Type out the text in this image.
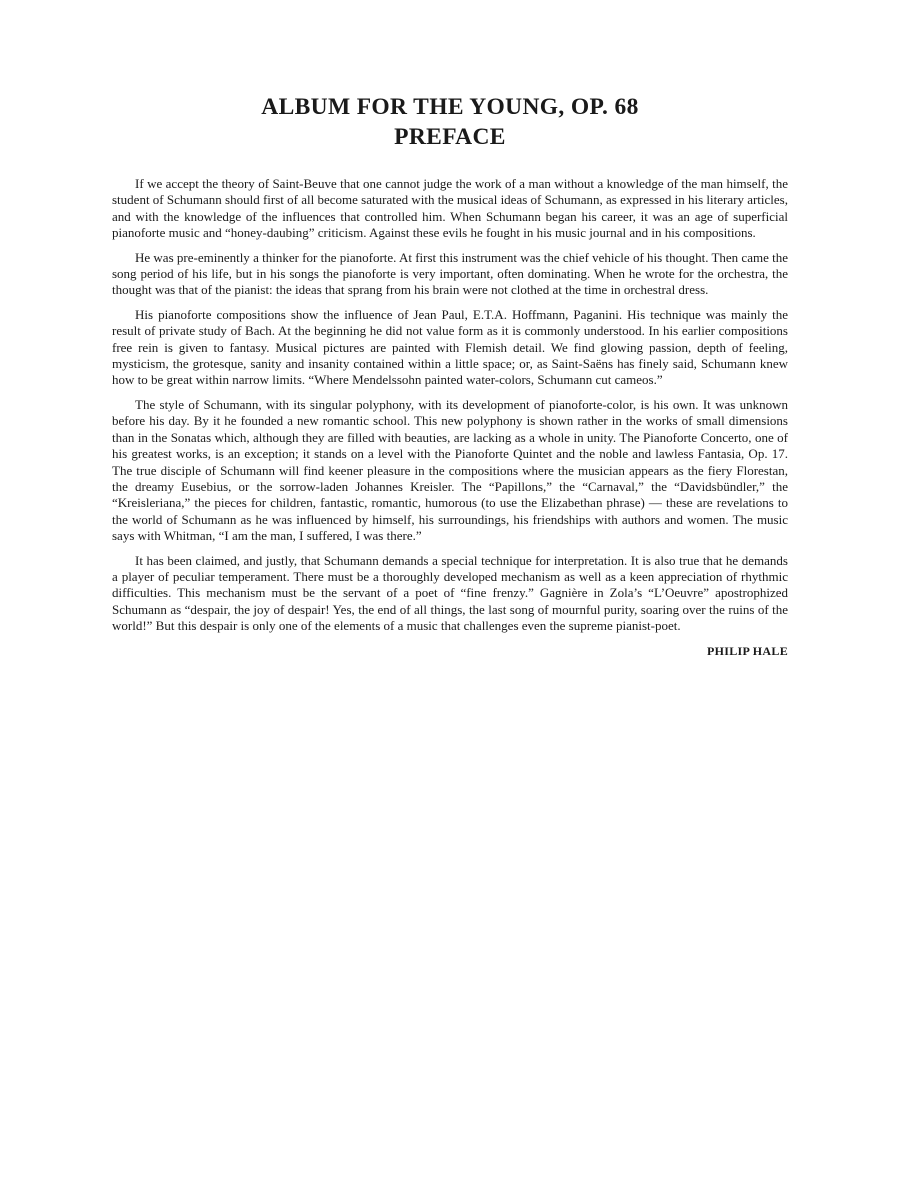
ALBUM FOR THE YOUNG, OP. 68
PREFACE

If we accept the theory of Saint-Beuve that one cannot judge the work of a man without a knowledge of the man himself, the student of Schumann should first of all become saturated with the musical ideas of Schumann, as expressed in his literary articles, and with the knowledge of the influences that controlled him. When Schumann began his career, it was an age of superficial pianoforte music and “honey-daubing” criticism. Against these evils he fought in his music journal and in his compositions.

He was pre-eminently a thinker for the pianoforte. At first this instrument was the chief vehicle of his thought. Then came the song period of his life, but in his songs the pianoforte is very important, often dominating. When he wrote for the orchestra, the thought was that of the pianist: the ideas that sprang from his brain were not clothed at the time in orchestral dress.

His pianoforte compositions show the influence of Jean Paul, E.T.A. Hoffmann, Paganini. His technique was mainly the result of private study of Bach. At the beginning he did not value form as it is commonly understood. In his earlier compositions free rein is given to fantasy. Musical pictures are painted with Flemish detail. We find glowing passion, depth of feeling, mysticism, the grotesque, sanity and insanity contained within a little space; or, as Saint-Saëns has finely said, Schumann knew how to be great within narrow limits. “Where Mendelssohn painted water-colors, Schumann cut cameos.”

The style of Schumann, with its singular polyphony, with its development of pianoforte-color, is his own. It was unknown before his day. By it he founded a new romantic school. This new polyphony is shown rather in the works of small dimensions than in the Sonatas which, although they are filled with beauties, are lacking as a whole in unity. The Pianoforte Concerto, one of his greatest works, is an exception; it stands on a level with the Pianoforte Quintet and the noble and lawless Fantasia, Op. 17. The true disciple of Schumann will find keener pleasure in the compositions where the musician appears as the fiery Florestan, the dreamy Eusebius, or the sorrow-laden Johannes Kreisler. The “Papillons,” the “Carnaval,” the “Davidsbündler,” the “Kreisleriana,” the pieces for children, fantastic, romantic, humorous (to use the Elizabethan phrase) — these are revelations to the world of Schumann as he was influenced by himself, his surroundings, his friendships with authors and women. The music says with Whitman, “I am the man, I suffered, I was there.”

It has been claimed, and justly, that Schumann demands a special technique for interpretation. It is also true that he demands a player of peculiar temperament. There must be a thoroughly developed mechanism as well as a keen appreciation of rhythmic difficulties. This mechanism must be the servant of a poet of “fine frenzy.” Gagnière in Zola’s “L’Oeuvre” apostrophized Schumann as “despair, the joy of despair! Yes, the end of all things, the last song of mournful purity, soaring over the ruins of the world!” But this despair is only one of the elements of a music that challenges even the supreme pianist-poet.

PHILIP HALE
